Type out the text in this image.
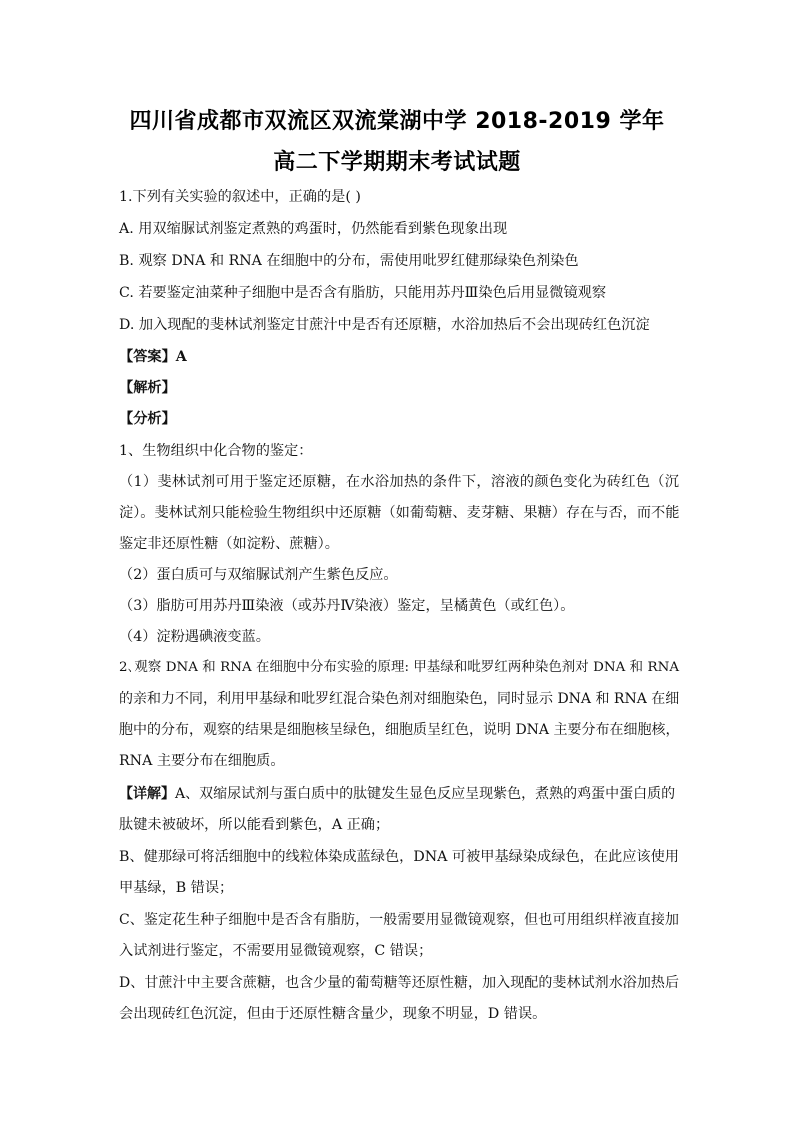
四川省成都市双流区双流棠湖中学 2018-2019 学年
高二下学期期末考试试题
1.下列有关实验的叙述中，正确的是( )
A. 用双缩脲试剂鉴定煮熟的鸡蛋时，仍然能看到紫色现象出现
B. 观察 DNA 和 RNA 在细胞中的分布，需使用吡罗红健那绿染色剂染色
C. 若要鉴定油菜种子细胞中是否含有脂肪，只能用苏丹Ⅲ染色后用显微镜观察
D. 加入现配的斐林试剂鉴定甘蔗汁中是否有还原糖，水浴加热后不会出现砖红色沉淀
【答案】A
【解析】
【分析】
1、生物组织中化合物的鉴定：
（1）斐林试剂可用于鉴定还原糖，在水浴加热的条件下，溶液的颜色变化为砖红色（沉
淀）。斐林试剂只能检验生物组织中还原糖（如葡萄糖、麦芽糖、果糖）存在与否，而不能
鉴定非还原性糖（如淀粉、蔗糖）。
（2）蛋白质可与双缩脲试剂产生紫色反应。
（3）脂肪可用苏丹Ⅲ染液（或苏丹Ⅳ染液）鉴定，呈橘黄色（或红色）。
（4）淀粉遇碘液变蓝。
2､观察 DNA 和 RNA 在细胞中分布实验的原理: 甲基绿和吡罗红两种染色剂对 DNA 和 RNA
的亲和力不同，利用甲基绿和吡罗红混合染色剂对细胞染色，同时显示 DNA 和 RNA 在细
胞中的分布，观察的结果是细胞核呈绿色，细胞质呈红色，说明 DNA 主要分布在细胞核，
RNA 主要分布在细胞质。
【详解】A、双缩尿试剂与蛋白质中的肽键发生显色反应呈现紫色，煮熟的鸡蛋中蛋白质的
肽键未被破坏，所以能看到紫色，A 正确；
B、健那绿可将活细胞中的线粒体染成蓝绿色，DNA 可被甲基绿染成绿色，在此应该使用
甲基绿，B 错误；
C、鉴定花生种子细胞中是否含有脂肪，一般需要用显微镜观察，但也可用组织样液直接加
入试剂进行鉴定，不需要用显微镜观察，C 错误；
D、甘蔗汁中主要含蔗糖，也含少量的葡萄糖等还原性糖，加入现配的斐林试剂水浴加热后
会出现砖红色沉淀，但由于还原性糖含量少，现象不明显，D 错误。
